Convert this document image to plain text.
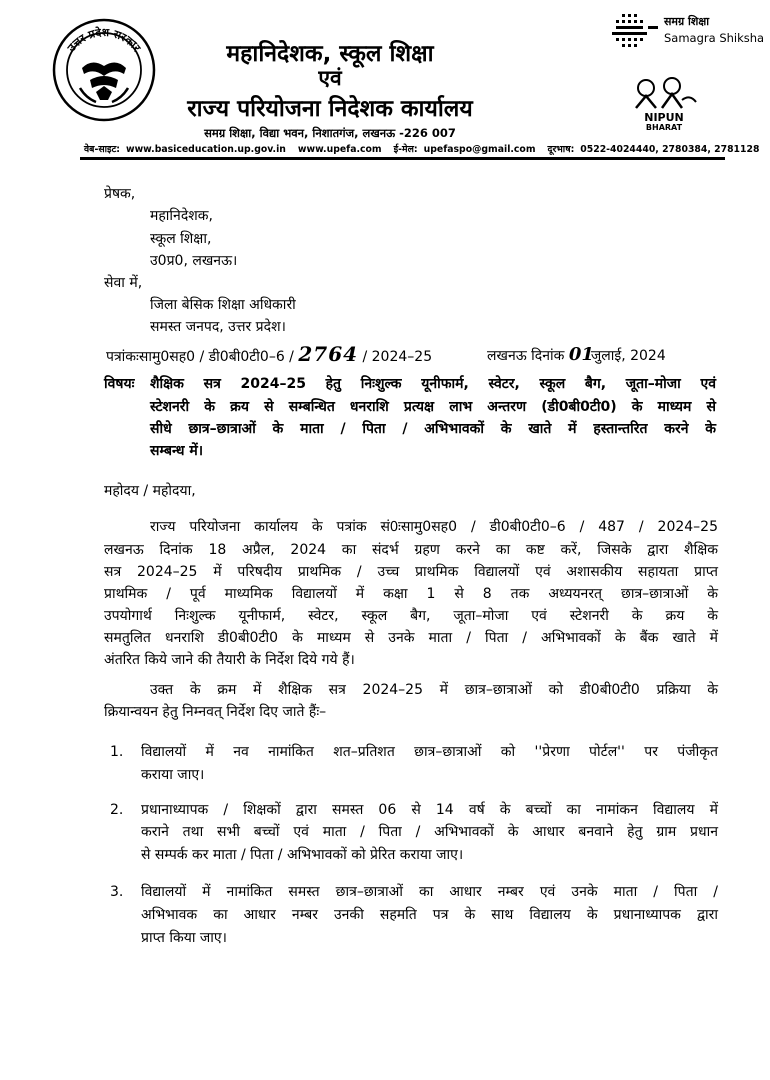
उत्तर प्रदेश सरकार	महानिदेशक, स्कूल शिक्षा
एवं
राज्य परियोजना निदेशक कार्यालय
समग्र शिक्षा, विद्या भवन, निशातगंज, लखनऊ -226 007
वेब-साइट: www.basiceducation.up.gov.in www.upefa.com ई-मेल: upefaspo@gmail.com दूरभाष: 0522-4024440, 2780384, 2781128
समग्र शिक्षा
Samagra Shiksha
NIPUN
BHARAT
प्रेषक,
महानिदेशक,
स्कूल शिक्षा,
उ0प्र0, लखनऊ।
सेवा में,
जिला बेसिक शिक्षा अधिकारी
समस्त जनपद, उत्तर प्रदेश।
पत्रांकःसामु0सह0 / डी0बी0टी0–6 / 2764 / 2024–25	लखनऊ दिनांक 01जुलाई, 2024
विषयः शैक्षिक सत्र 2024–25 हेतु निःशुल्क यूनीफार्म, स्वेटर, स्कूल बैग, जूता–मोजा एवं
स्टेशनरी के क्रय से सम्बन्धित धनराशि प्रत्यक्ष लाभ अन्तरण (डी0बी0टी0) के माध्यम से
सीधे छात्र–छात्राओं के माता / पिता / अभिभावकों के खाते में हस्तान्तरित करने के
सम्बन्ध में।
महोदय / महोदया,
राज्य परियोजना कार्यालय के पत्रांक सं0ःसामु0सह0 / डी0बी0टी0–6 / 487 / 2024–25
लखनऊ दिनांक 18 अप्रैल, 2024 का संदर्भ ग्रहण करने का कष्ट करें, जिसके द्वारा शैक्षिक
सत्र 2024–25 में परिषदीय प्राथमिक / उच्च प्राथमिक विद्यालयों एवं अशासकीय सहायता प्राप्त
प्राथमिक / पूर्व माध्यमिक विद्यालयों में कक्षा 1 से 8 तक अध्ययनरत् छात्र–छात्राओं के
उपयोगार्थ निःशुल्क यूनीफार्म, स्वेटर, स्कूल बैग, जूता–मोजा एवं स्टेशनरी के क्रय के
समतुलित धनराशि डी0बी0टी0 के माध्यम से उनके माता / पिता / अभिभावकों के बैंक खाते में
अंतरित किये जाने की तैयारी के निर्देश दिये गये हैं।
उक्त के क्रम में शैक्षिक सत्र 2024–25 में छात्र–छात्राओं को डी0बी0टी0 प्रक्रिया के
क्रियान्वयन हेतु निम्नवत् निर्देश दिए जाते हैंः–
1. विद्यालयों में नव नामांकित शत–प्रतिशत छात्र–छात्राओं को ''प्रेरणा पोर्टल'' पर पंजीकृत
कराया जाए।
2. प्रधानाध्यापक / शिक्षकों द्वारा समस्त 06 से 14 वर्ष के बच्चों का नामांकन विद्यालय में
कराने तथा सभी बच्चों एवं माता / पिता / अभिभावकों के आधार बनवाने हेतु ग्राम प्रधान
से सम्पर्क कर माता / पिता / अभिभावकों को प्रेरित कराया जाए।
3. विद्यालयों में नामांकित समस्त छात्र–छात्राओं का आधार नम्बर एवं उनके माता / पिता /
अभिभावक का आधार नम्बर उनकी सहमति पत्र के साथ विद्यालय के प्रधानाध्यापक द्वारा
प्राप्त किया जाए।
